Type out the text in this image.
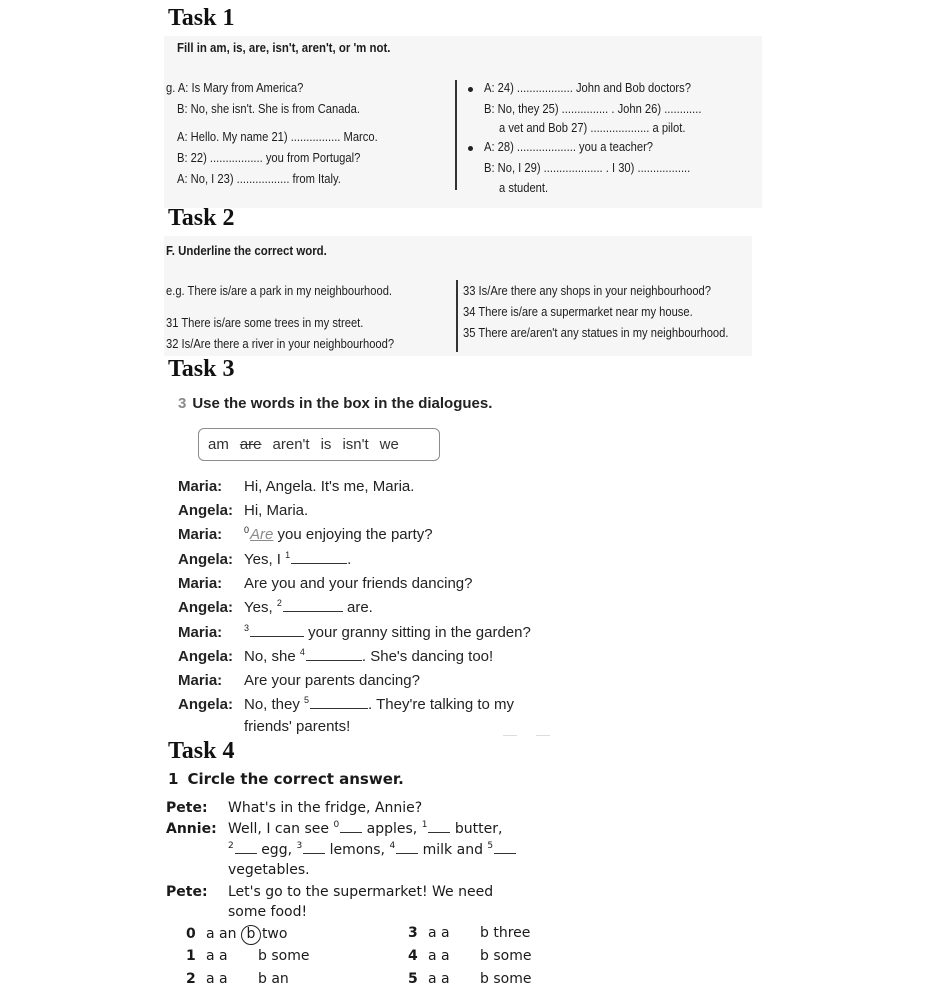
Task 1
Fill in am, is, are, isn't, aren't, or 'm not.
g. A: Is Mary from America?
B: No, she isn't. She is from Canada.
A: Hello. My name 21) ................ Marco.
B: 22) ................. you from Portugal?
A: No, I 23) ................. from Italy.
A: 24) .................. John and Bob doctors?
B: No, they 25) ............... . John 26) ............
a vet and Bob 27) ................... a pilot.
A: 28) ................... you a teacher?
B: No, I 29) ................... . I 30) .................
a student.
Task 2
F. Underline the correct word.
e.g. There is/are a park in my neighbourhood.
31 There is/are some trees in my street.
32 Is/Are there a river in your neighbourhood?
33 Is/Are there any shops in your neighbourhood?
34 There is/are a supermarket near my house.
35 There are/aren't any statues in my neighbourhood.
Task 3
3 Use the words in the box in the dialogues.
am are aren't is isn't we
Maria: Hi, Angela. It's me, Maria.
Angela: Hi, Maria.
Maria: $^0$Are you enjoying the party?
Angela: Yes, I $^1$	.
Maria: Are you and your friends dancing?
Angela: Yes, $^2$	are.
Maria: $^3$	your granny sitting in the garden?
Angela: No, she $^4$	. She's dancing too!
Maria: Are your parents dancing?
Angela: No, they $^5$	. They're talking to my
friends' parents!
Task 4
1 Circle the correct answer.
Pete: What's in the fridge, Annie?
Annie: Well, I can see $^0$ apples, $^1$ butter,
$^2$ egg, $^3$ lemons, $^4$ milk and $^5$
vegetables.
Pete: Let's go to the supermarket! We need
some food!
0 a an b two
1 a a b some
2 a a b an
3 a a b three
4 a a b some
5 a a b some
